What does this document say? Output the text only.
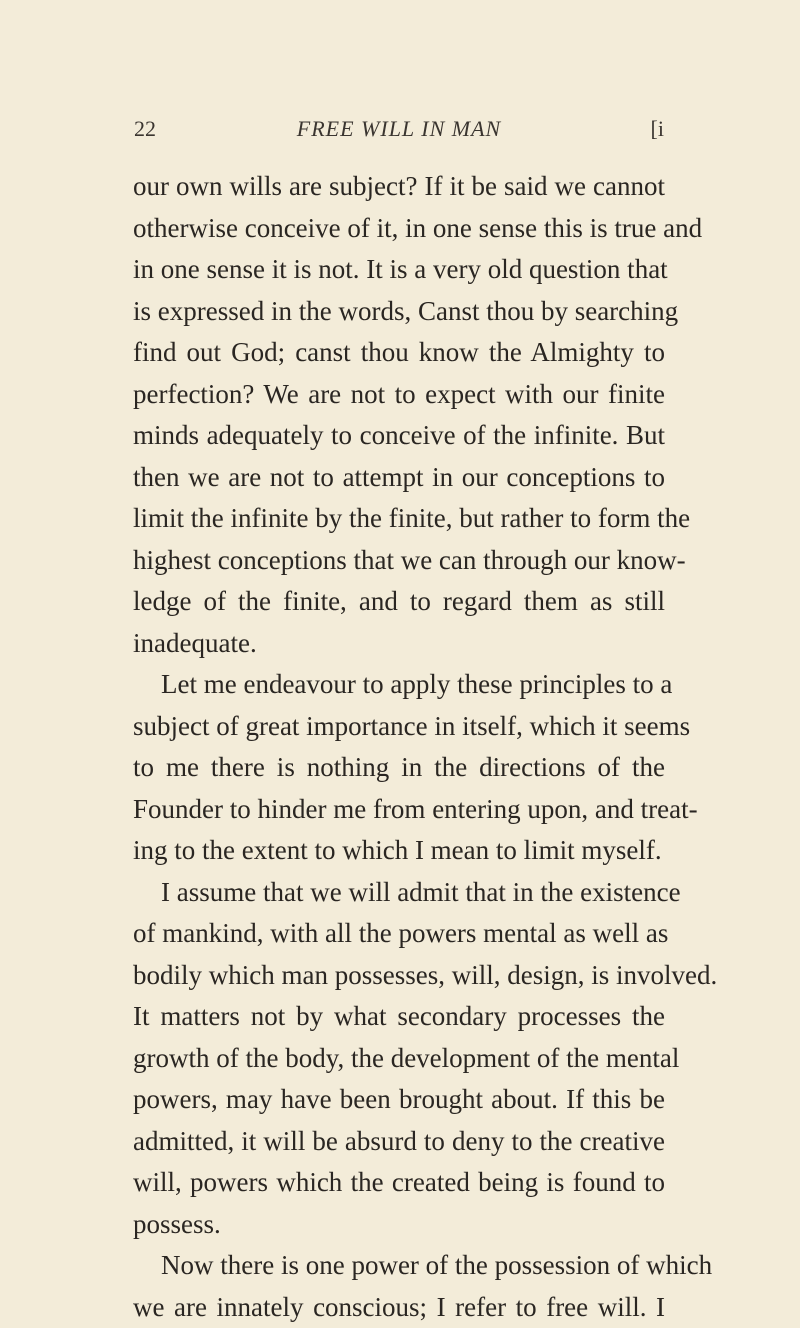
22	FREE WILL IN MAN	[i
our own wills are subject? If it be said we cannot
otherwise conceive of it, in one sense this is true and
in one sense it is not. It is a very old question that
is expressed in the words, Canst thou by searching
find out God; canst thou know the Almighty to
perfection? We are not to expect with our finite
minds adequately to conceive of the infinite. But
then we are not to attempt in our conceptions to
limit the infinite by the finite, but rather to form the
highest conceptions that we can through our know-
ledge of the finite, and to regard them as still
inadequate.
Let me endeavour to apply these principles to a
subject of great importance in itself, which it seems
to me there is nothing in the directions of the
Founder to hinder me from entering upon, and treat-
ing to the extent to which I mean to limit myself.
I assume that we will admit that in the existence
of mankind, with all the powers mental as well as
bodily which man possesses, will, design, is involved.
It matters not by what secondary processes the
growth of the body, the development of the mental
powers, may have been brought about. If this be
admitted, it will be absurd to deny to the creative
will, powers which the created being is found to
possess.
Now there is one power of the possession of which
we are innately conscious; I refer to free will. I
